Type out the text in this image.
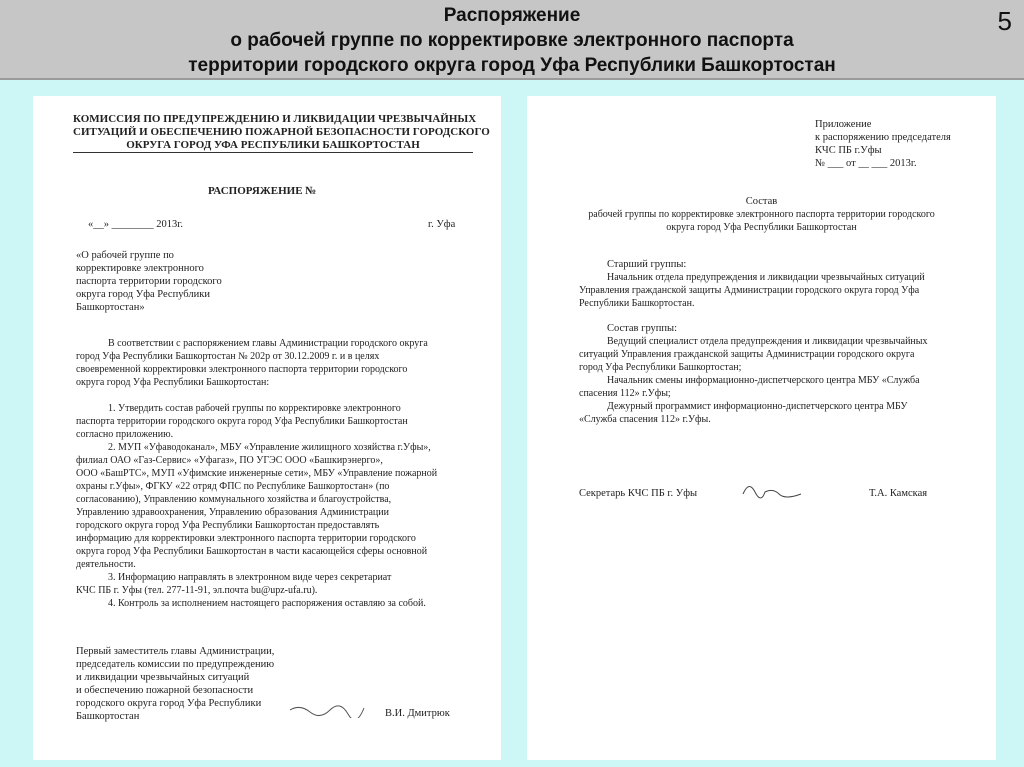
Распоряжение
о рабочей группе по корректировке электронного паспорта
территории городского округа город Уфа Республики Башкортостан
5
КОМИССИЯ ПО ПРЕДУПРЕЖДЕНИЮ И ЛИКВИДАЦИИ ЧРЕЗВЫЧАЙНЫХ
СИТУАЦИЙ И ОБЕСПЕЧЕНИЮ ПОЖАРНОЙ БЕЗОПАСНОСТИ ГОРОДСКОГО
ОКРУГА ГОРОД УФА РЕСПУБЛИКИ БАШКОРТОСТАН
РАСПОРЯЖЕНИЕ №
«__» ________ 2013г.	г. Уфа
«О рабочей группе по
корректировке электронного
паспорта территории городского
округа город Уфа Республики
Башкортостан»
В соответствии с распоряжением главы Администрации городского округа
город Уфа Республики Башкортостан № 202р от 30.12.2009 г. и в целях
своевременной корректировки электронного паспорта территории городского
округа город Уфа Республики Башкортостан:
1. Утвердить состав рабочей группы по корректировке электронного
паспорта территории городского округа город Уфа Республики Башкортостан
согласно приложению.
2. МУП «Уфаводоканал», МБУ «Управление жилищного хозяйства г.Уфы»,
филиал ОАО «Газ-Сервис» «Уфагаз», ПО УГЭС ООО «Башкирэнерго»,
ООО «БашРТС», МУП «Уфимские инженерные сети», МБУ «Управление пожарной
охраны г.Уфы», ФГКУ «22 отряд ФПС по Республике Башкортостан» (по
согласованию), Управлению коммунального хозяйства и благоустройства,
Управлению здравоохранения, Управлению образования Администрации
городского округа город Уфа Республики Башкортостан предоставлять
информацию для корректировки электронного паспорта территории городского
округа город Уфа Республики Башкортостан в части касающейся сферы основной
деятельности.
3. Информацию направлять в электронном виде через секретариат
КЧС ПБ г. Уфы (тел. 277-11-91, эл.почта bu@upz-ufa.ru).
4. Контроль за исполнением настоящего распоряжения оставляю за собой.
Первый заместитель главы Администрации,
председатель комиссии по предупреждению
и ликвидации чрезвычайных ситуаций
и обеспечению пожарной безопасности
городского округа город Уфа Республики
Башкортостан	В.И. Дмитрюк
Приложение
к распоряжению председателя
КЧС ПБ г.Уфы
№ ___ от __ ___ 2013г.
Состав
рабочей группы по корректировке электронного паспорта территории городского
округа город Уфа Республики Башкортостан
Старший группы:
Начальник отдела предупреждения и ликвидации чрезвычайных ситуаций
Управления гражданской защиты Администрации городского округа город Уфа
Республики Башкортостан.
Состав группы:
Ведущий специалист отдела предупреждения и ликвидации чрезвычайных
ситуаций Управления гражданской защиты Администрации городского округа
город Уфа Республики Башкортостан;
Начальник смены информационно-диспетчерского центра МБУ «Служба
спасения 112» г.Уфы;
Дежурный программист информационно-диспетчерского центра МБУ
«Служба спасения 112» г.Уфы.
Секретарь КЧС ПБ г. Уфы	Т.А. Камская
